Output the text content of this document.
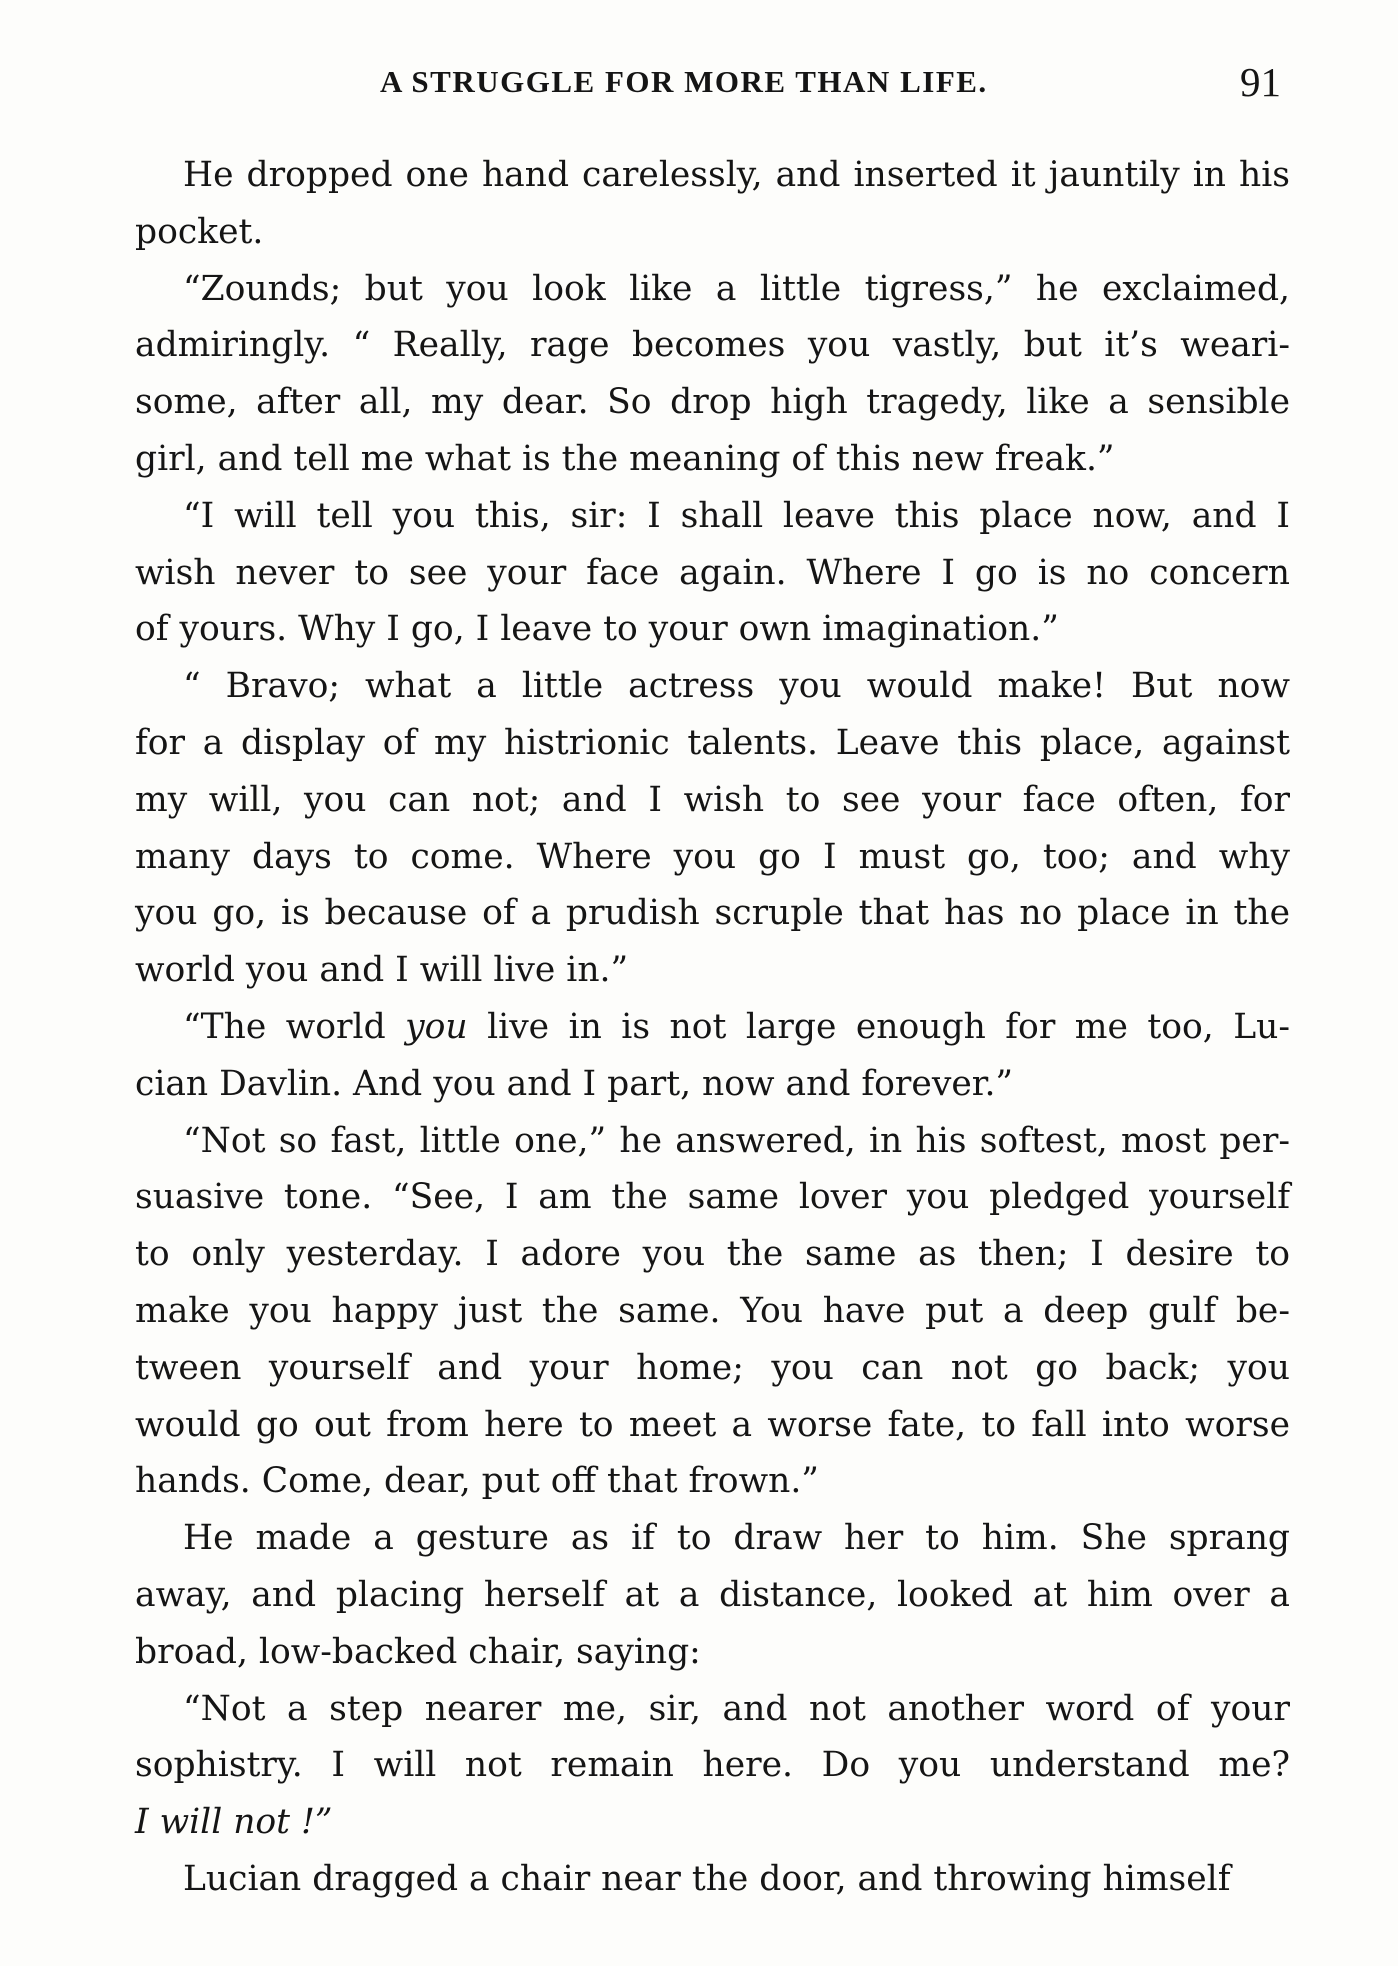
A STRUGGLE FOR MORE THAN LIFE.	91
He dropped one hand carelessly, and inserted it jauntily in his
pocket.
“Zounds; but you look like a little tigress,” he exclaimed,
admiringly. “ Really, rage becomes you vastly, but it’s weari-
some, after all, my dear. So drop high tragedy, like a sensible
girl, and tell me what is the meaning of this new freak.”
“I will tell you this, sir: I shall leave this place now, and I
wish never to see your face again. Where I go is no concern
of yours. Why I go, I leave to your own imagination.”
“ Bravo; what a little actress you would make! But now
for a display of my histrionic talents. Leave this place, against
my will, you can not; and I wish to see your face often, for
many days to come. Where you go I must go, too; and why
you go, is because of a prudish scruple that has no place in the
world you and I will live in.”
“The world you live in is not large enough for me too, Lu-
cian Davlin. And you and I part, now and forever.”
“Not so fast, little one,” he answered, in his softest, most per-
suasive tone. “See, I am the same lover you pledged yourself
to only yesterday. I adore you the same as then; I desire to
make you happy just the same. You have put a deep gulf be-
tween yourself and your home; you can not go back; you
would go out from here to meet a worse fate, to fall into worse
hands. Come, dear, put off that frown.”
He made a gesture as if to draw her to him. She sprang
away, and placing herself at a distance, looked at him over a
broad, low-backed chair, saying:
“Not a step nearer me, sir, and not another word of your
sophistry. I will not remain here. Do you understand me?
I will not !”
Lucian dragged a chair near the door, and throwing himself
